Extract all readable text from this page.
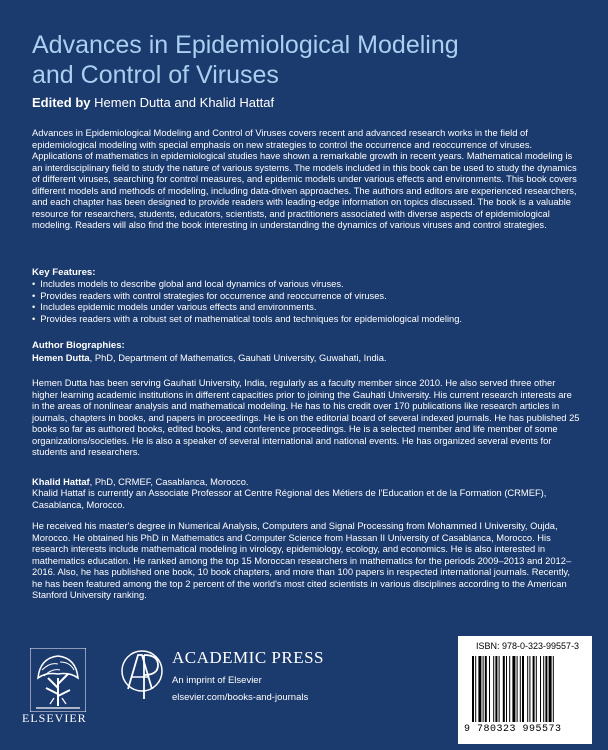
Advances in Epidemiological Modeling
and Control of Viruses
Edited by Hemen Dutta and Khalid Hattaf

Advances in Epidemiological Modeling and Control of Viruses covers recent and advanced research works in the field of epidemiological modeling with special emphasis on new strategies to control the occurrence and reoccurrence of viruses. Applications of mathematics in epidemiological studies have shown a remarkable growth in recent years. Mathematical modeling is an interdisciplinary field to study the nature of various systems. The models included in this book can be used to study the dynamics of different viruses, searching for control measures, and epidemic models under various effects and environments. This book covers different models and methods of modeling, including data-driven approaches. The authors and editors are experienced researchers, and each chapter has been designed to provide readers with leading-edge information on topics discussed. The book is a valuable resource for researchers, students, educators, scientists, and practitioners associated with diverse aspects of epidemiological modeling. Readers will also find the book interesting in understanding the dynamics of various viruses and control strategies.

Key Features:
• Includes models to describe global and local dynamics of various viruses.
• Provides readers with control strategies for occurrence and reoccurrence of viruses.
• Includes epidemic models under various effects and environments.
• Provides readers with a robust set of mathematical tools and techniques for epidemiological modeling.
Author Biographies:
Hemen Dutta, PhD, Department of Mathematics, Gauhati University, Guwahati, India.

Hemen Dutta has been serving Gauhati University, India, regularly as a faculty member since 2010. He also served three other higher learning academic institutions in different capacities prior to joining the Gauhati University. His current research interests are in the areas of nonlinear analysis and mathematical modeling. He has to his credit over 170 publications like research articles in journals, chapters in books, and papers in proceedings. He is on the editorial board of several indexed journals. He has published 25 books so far as authored books, edited books, and conference proceedings. He is a selected member and life member of some organizations/societies. He is also a speaker of several international and national events. He has organized several events for students and researchers.

Khalid Hattaf, PhD, CRMEF, Casablanca, Morocco.

Khalid Hattaf is currently an Associate Professor at Centre Régional des Métiers de l'Education et de la Formation (CRMEF), Casablanca, Morocco.

He received his master's degree in Numerical Analysis, Computers and Signal Processing from Mohammed I University, Oujda, Morocco. He obtained his PhD in Mathematics and Computer Science from Hassan II University of Casablanca, Morocco. His research interests include mathematical modeling in virology, epidemiology, ecology, and economics. He is also interested in mathematics education. He ranked among the top 15 Moroccan researchers in mathematics for the periods 2009–2013 and 2012–2016. Also, he has published one book, 10 book chapters, and more than 100 papers in respected international journals. Recently, he has been featured among the top 2 percent of the world's most cited scientists in various disciplines according to the American Stanford University ranking.

ELSEVIER
ACADEMIC PRESS
An imprint of Elsevier
elsevier.com/books-and-journals
ISBN: 978-0-323-99557-3
9 780323 995573
